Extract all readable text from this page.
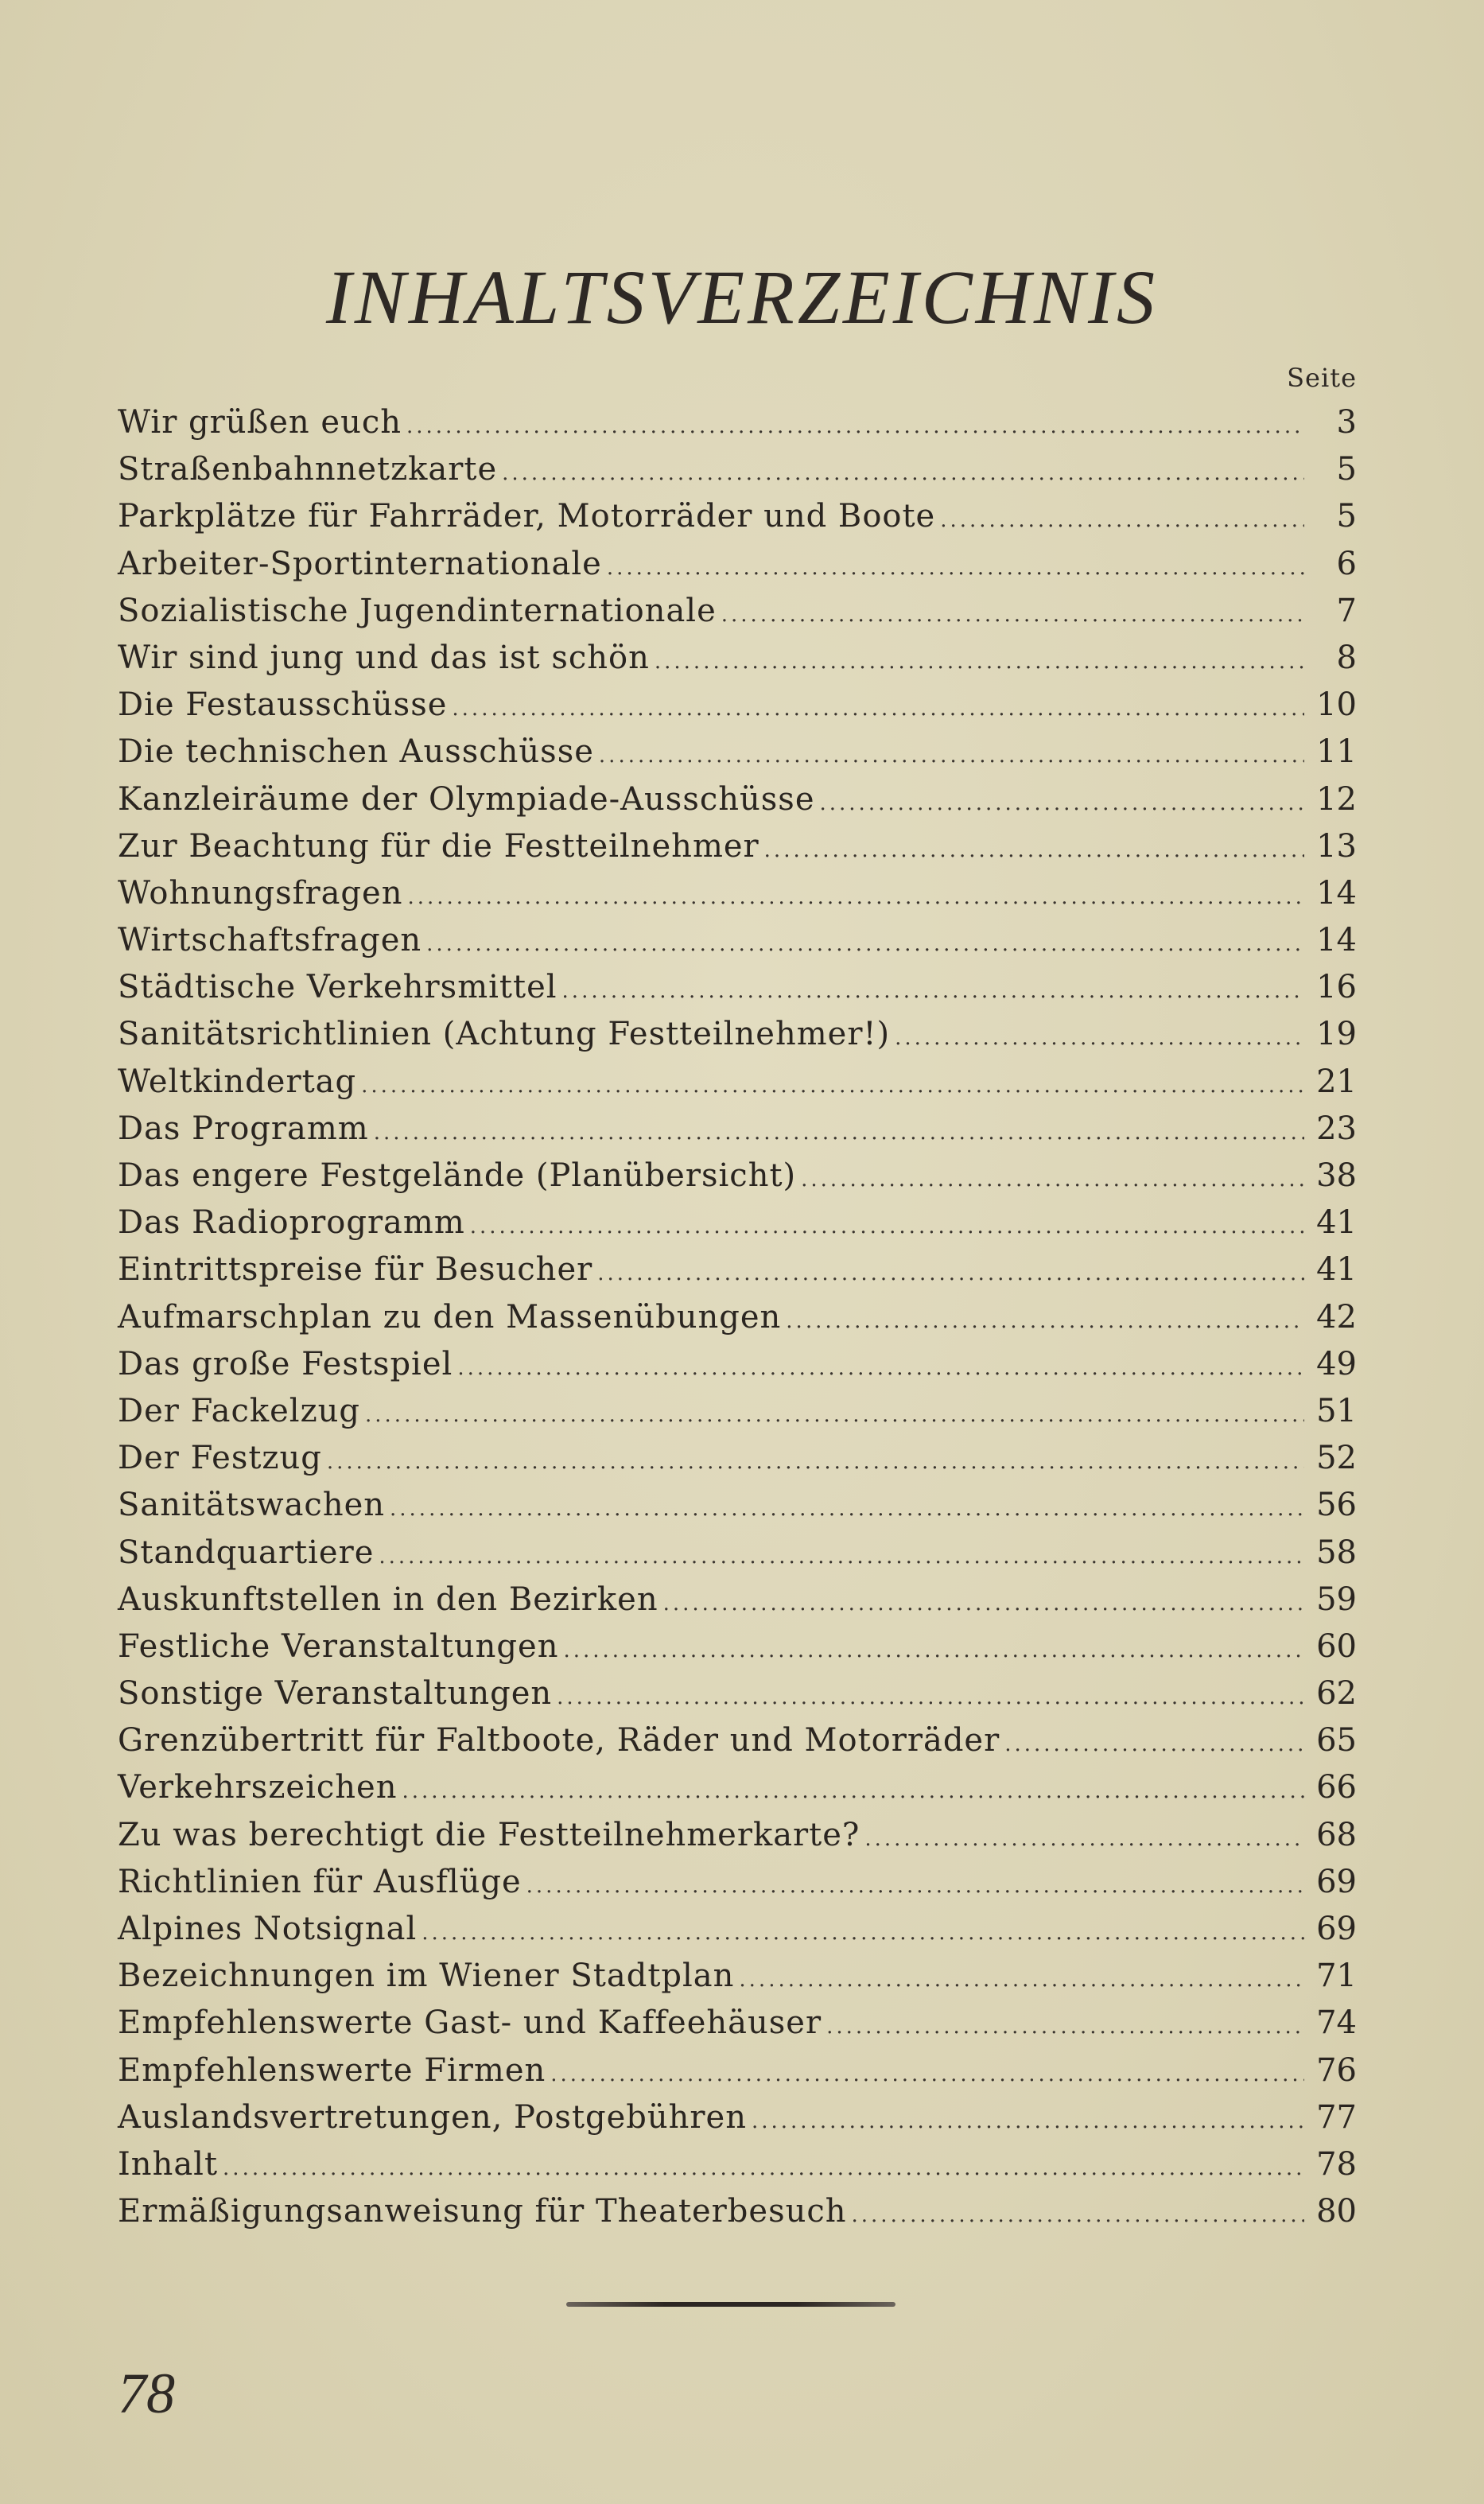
INHALTSVERZEICHNIS
Seite
Wir grüßen euch .....	3
Straßenbahnnetzkarte .....	5
Parkplätze für Fahrräder, Motorräder und Boote .....	5
Arbeiter-Sportinternationale .....	6
Sozialistische Jugendinternationale .....	7
Wir sind jung und das ist schön .....	8
Die Festausschüsse .....	10
Die technischen Ausschüsse .....	11
Kanzleiräume der Olympiade-Ausschüsse .....	12
Zur Beachtung für die Festteilnehmer .....	13
Wohnungsfragen .....	14
Wirtschaftsfragen .....	14
Städtische Verkehrsmittel .....	16
Sanitätsrichtlinien (Achtung Festteilnehmer!) .....	19
Weltkindertag .....	21
Das Programm .....	23
Das engere Festgelände (Planübersicht) .....	38
Das Radioprogramm .....	41
Eintrittspreise für Besucher .....	41
Aufmarschplan zu den Massenübungen .....	42
Das große Festspiel .....	49
Der Fackelzug .....	51
Der Festzug .....	52
Sanitätswachen .....	56
Standquartiere .....	58
Auskunftstellen in den Bezirken .....	59
Festliche Veranstaltungen .....	60
Sonstige Veranstaltungen .....	62
Grenzübertritt für Faltboote, Räder und Motorräder .....	65
Verkehrszeichen .....	66
Zu was berechtigt die Festteilnehmerkarte? .....	68
Richtlinien für Ausflüge .....	69
Alpines Notsignal .....	69
Bezeichnungen im Wiener Stadtplan .....	71
Empfehlenswerte Gast- und Kaffeehäuser .....	74
Empfehlenswerte Firmen .....	76
Auslandsvertretungen, Postgebühren .....	77
Inhalt .....	78
Ermäßigungsanweisung für Theaterbesuch .....	80
78
